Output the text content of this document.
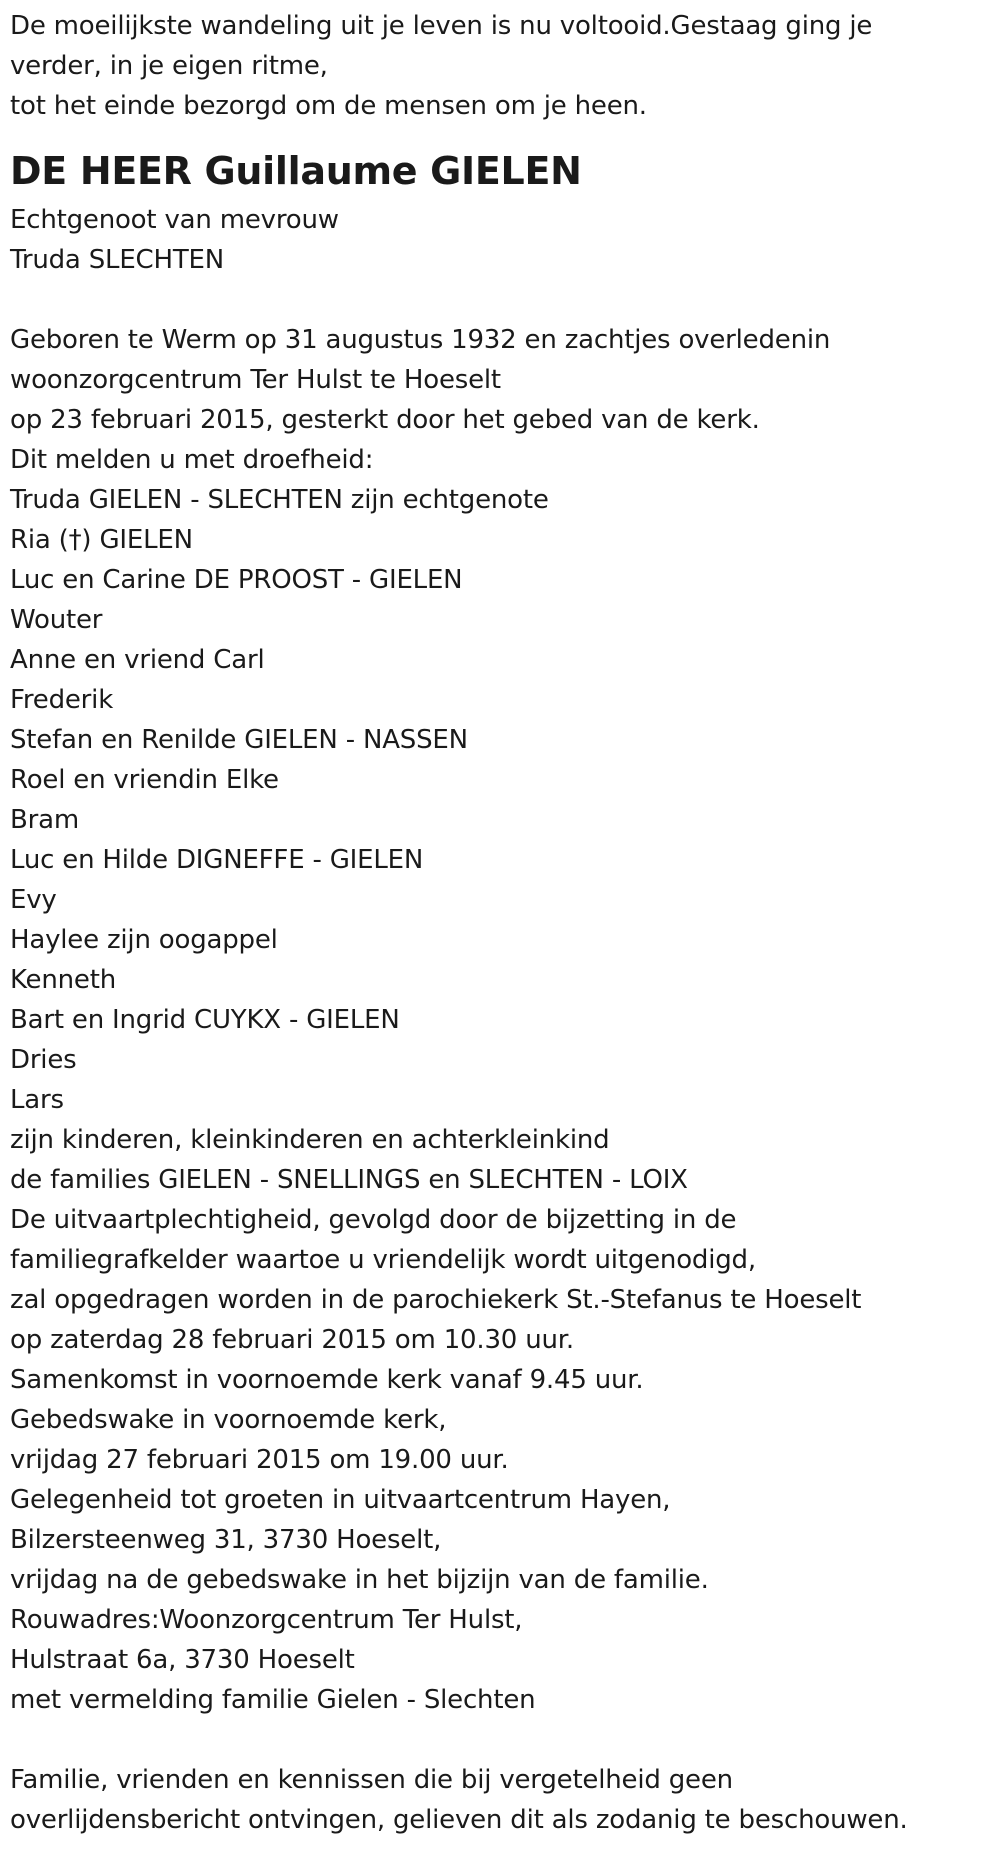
De moeilijkste wandeling uit je leven is nu voltooid.Gestaag ging je
verder, in je eigen ritme,
tot het einde bezorgd om de mensen om je heen.
DE HEER Guillaume GIELEN
Echtgenoot van mevrouw
Truda SLECHTEN
Geboren te Werm op 31 augustus 1932 en zachtjes overledenin
woonzorgcentrum Ter Hulst te Hoeselt
op 23 februari 2015, gesterkt door het gebed van de kerk.
Dit melden u met droefheid:
Truda GIELEN - SLECHTEN zijn echtgenote
Ria (†) GIELEN
Luc en Carine DE PROOST - GIELEN
Wouter
Anne en vriend Carl
Frederik
Stefan en Renilde GIELEN - NASSEN
Roel en vriendin Elke
Bram
Luc en Hilde DIGNEFFE - GIELEN
Evy
Haylee zijn oogappel
Kenneth
Bart en Ingrid CUYKX - GIELEN
Dries
Lars
zijn kinderen, kleinkinderen en achterkleinkind
de families GIELEN - SNELLINGS en SLECHTEN - LOIX
De uitvaartplechtigheid, gevolgd door de bijzetting in de
familiegrafkelder waartoe u vriendelijk wordt uitgenodigd,
zal opgedragen worden in de parochiekerk St.-Stefanus te Hoeselt
op zaterdag 28 februari 2015 om 10.30 uur.
Samenkomst in voornoemde kerk vanaf 9.45 uur.
Gebedswake in voornoemde kerk,
vrijdag 27 februari 2015 om 19.00 uur.
Gelegenheid tot groeten in uitvaartcentrum Hayen,
Bilzersteenweg 31, 3730 Hoeselt,
vrijdag na de gebedswake in het bijzijn van de familie.
Rouwadres:Woonzorgcentrum Ter Hulst,
Hulstraat 6a, 3730 Hoeselt
met vermelding familie Gielen - Slechten
Familie, vrienden en kennissen die bij vergetelheid geen
overlijdensbericht ontvingen, gelieven dit als zodanig te beschouwen.
